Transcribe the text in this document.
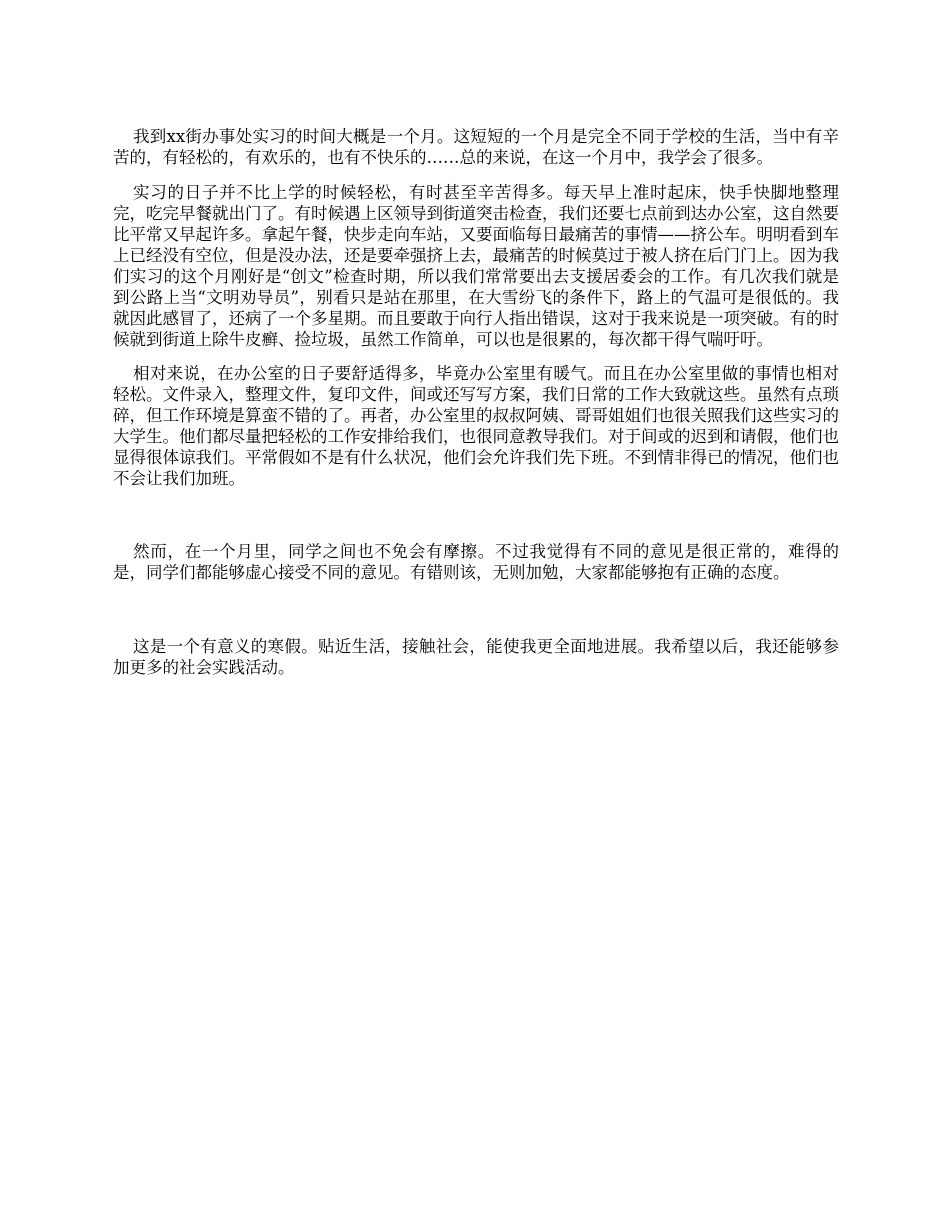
我到xx街办事处实习的时间大概是一个月。这短短的一个月是完全不同于学校的生活，当中有辛苦的，有轻松的，有欢乐的，也有不快乐的……总的来说，在这一个月中，我学会了很多。

实习的日子并不比上学的时候轻松，有时甚至辛苦得多。每天早上准时起床，快手快脚地整理完，吃完早餐就出门了。有时候遇上区领导到街道突击检查，我们还要七点前到达办公室，这自然要比平常又早起许多。拿起午餐，快步走向车站，又要面临每日最痛苦的事情——挤公车。明明看到车上已经没有空位，但是没办法，还是要牵强挤上去，最痛苦的时候莫过于被人挤在后门门上。因为我们实习的这个月刚好是“创文”检查时期，所以我们常常要出去支援居委会的工作。有几次我们就是到公路上当“文明劝导员”，别看只是站在那里，在大雪纷飞的条件下，路上的气温可是很低的。我就因此感冒了，还病了一个多星期。而且要敢于向行人指出错误，这对于我来说是一项突破。有的时候就到街道上除牛皮癣、捡垃圾，虽然工作简单，可以也是很累的，每次都干得气喘吁吁。

相对来说，在办公室的日子要舒适得多，毕竟办公室里有暖气。而且在办公室里做的事情也相对轻松。文件录入，整理文件，复印文件，间或还写写方案，我们日常的工作大致就这些。虽然有点琐碎，但工作环境是算蛮不错的了。再者，办公室里的叔叔阿姨、哥哥姐姐们也很关照我们这些实习的大学生。他们都尽量把轻松的工作安排给我们，也很同意教导我们。对于间或的迟到和请假，他们也显得很体谅我们。平常假如不是有什么状况，他们会允许我们先下班。不到情非得已的情况，他们也不会让我们加班。

然而，在一个月里，同学之间也不免会有摩擦。不过我觉得有不同的意见是很正常的，难得的是，同学们都能够虚心接受不同的意见。有错则该，无则加勉，大家都能够抱有正确的态度。

这是一个有意义的寒假。贴近生活，接触社会，能使我更全面地进展。我希望以后，我还能够参加更多的社会实践活动。
